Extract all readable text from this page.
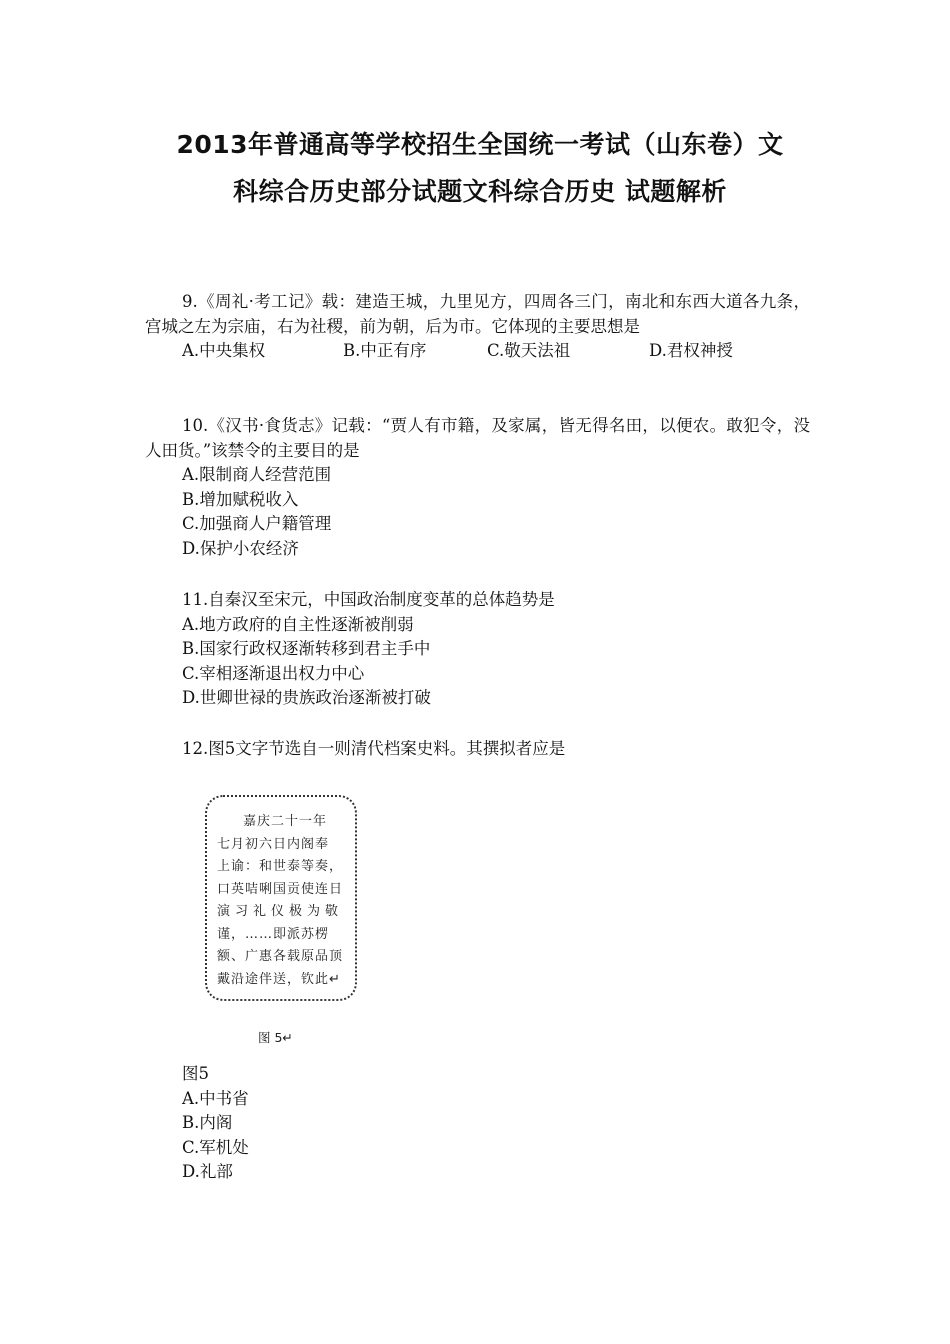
2013年普通高等学校招生全国统一考试（山东卷）文
科综合历史部分试题文科综合历史 试题解析
9.《周礼·考工记》载：建造王城，九里见方，四周各三门，南北和东西大道各九条，宫城之左为宗庙，右为社稷，前为朝，后为市。它体现的主要思想是
A.中央集权	B.中正有序	C.敬天法祖	D.君权神授
10.《汉书·食货志》记载：“贾人有市籍，及家属，皆无得名田，以便农。敢犯令，没人田货。”该禁令的主要目的是
A.限制商人经营范围
B.增加赋税收入
C.加强商人户籍管理
D.保护小农经济
11.自秦汉至宋元，中国政治制度变革的总体趋势是
A.地方政府的自主性逐渐被削弱
B.国家行政权逐渐转移到君主手中
C.宰相逐渐退出权力中心
D.世卿世禄的贵族政治逐渐被打破
12.图5文字节选自一则清代档案史料。其撰拟者应是
嘉庆二十一年
七月初六日内阁奉
上谕：和世泰等奏，
口英咭唎国贡使连日
演习礼仪极为敬
谨，……即派苏楞
额、广惠各载原品顶
戴沿途伴送，钦此↵
图 5↵
图5
A.中书省
B.内阁
C.军机处
D.礼部
